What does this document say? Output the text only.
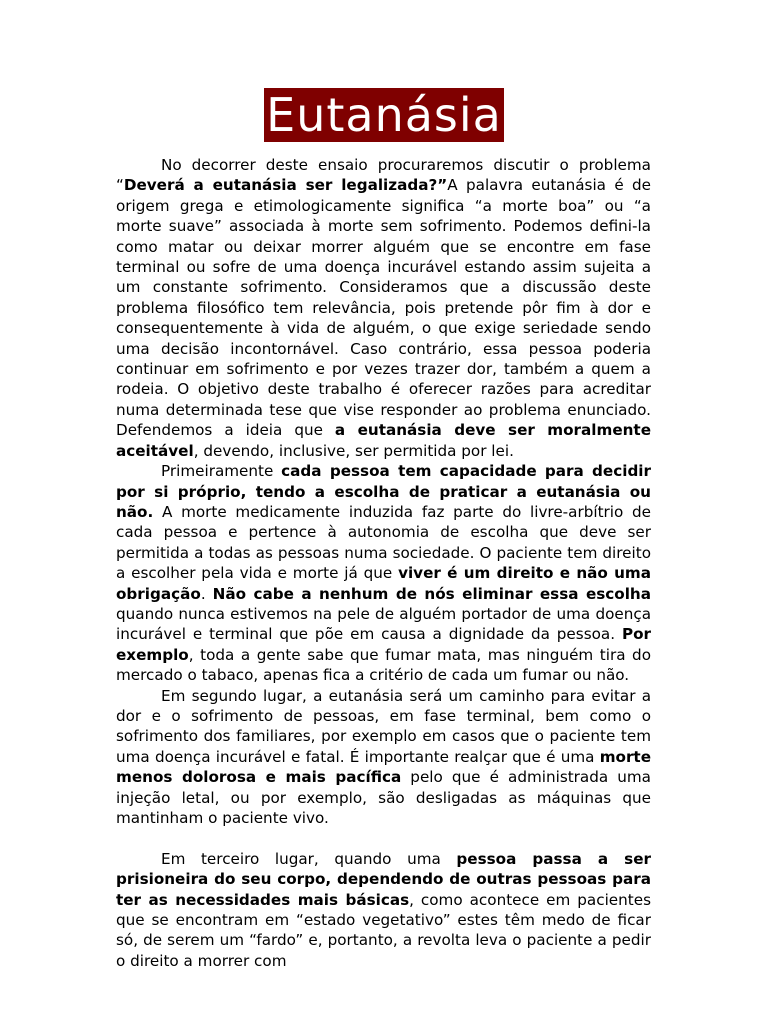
Eutanásia

No decorrer deste ensaio procuraremos discutir o problema “Deverá a eutanásia ser legalizada?”A palavra eutanásia é de origem grega e etimologicamente significa “a morte boa” ou “a morte suave” associada à morte sem sofrimento. Podemos defini-la como matar ou deixar morrer alguém que se encontre em fase terminal ou sofre de uma doença incurável estando assim sujeita a um constante sofrimento. Consideramos que a discussão deste problema filosófico tem relevância, pois pretende pôr fim à dor e consequentemente à vida de alguém, o que exige seriedade sendo uma decisão incontornável. Caso contrário, essa pessoa poderia continuar em sofrimento e por vezes trazer dor, também a quem a rodeia. O objetivo deste trabalho é oferecer razões para acreditar numa determinada tese que vise responder ao problema enunciado. Defendemos a ideia que a eutanásia deve ser moralmente aceitável, devendo, inclusive, ser permitida por lei.

Primeiramente cada pessoa tem capacidade para decidir por si próprio, tendo a escolha de praticar a eutanásia ou não. A morte medicamente induzida faz parte do livre-arbítrio de cada pessoa e pertence à autonomia de escolha que deve ser permitida a todas as pessoas numa sociedade. O paciente tem direito a escolher pela vida e morte já que viver é um direito e não uma obrigação. Não cabe a nenhum de nós eliminar essa escolha quando nunca estivemos na pele de alguém portador de uma doença incurável e terminal que põe em causa a dignidade da pessoa. Por exemplo, toda a gente sabe que fumar mata, mas ninguém tira do mercado o tabaco, apenas fica a critério de cada um fumar ou não.

Em segundo lugar, a eutanásia será um caminho para evitar a dor e o sofrimento de pessoas, em fase terminal, bem como o sofrimento dos familiares, por exemplo em casos que o paciente tem uma doença incurável e fatal. É importante realçar que é uma morte menos dolorosa e mais pacífica pelo que é administrada uma injeção letal, ou por exemplo, são desligadas as máquinas que mantinham o paciente vivo.

Em terceiro lugar, quando uma pessoa passa a ser prisioneira do seu corpo, dependendo de outras pessoas para ter as necessidades mais básicas, como acontece em pacientes que se encontram em “estado vegetativo” estes têm medo de ficar só, de serem um “fardo” e, portanto, a revolta leva o paciente a pedir o direito a morrer com
